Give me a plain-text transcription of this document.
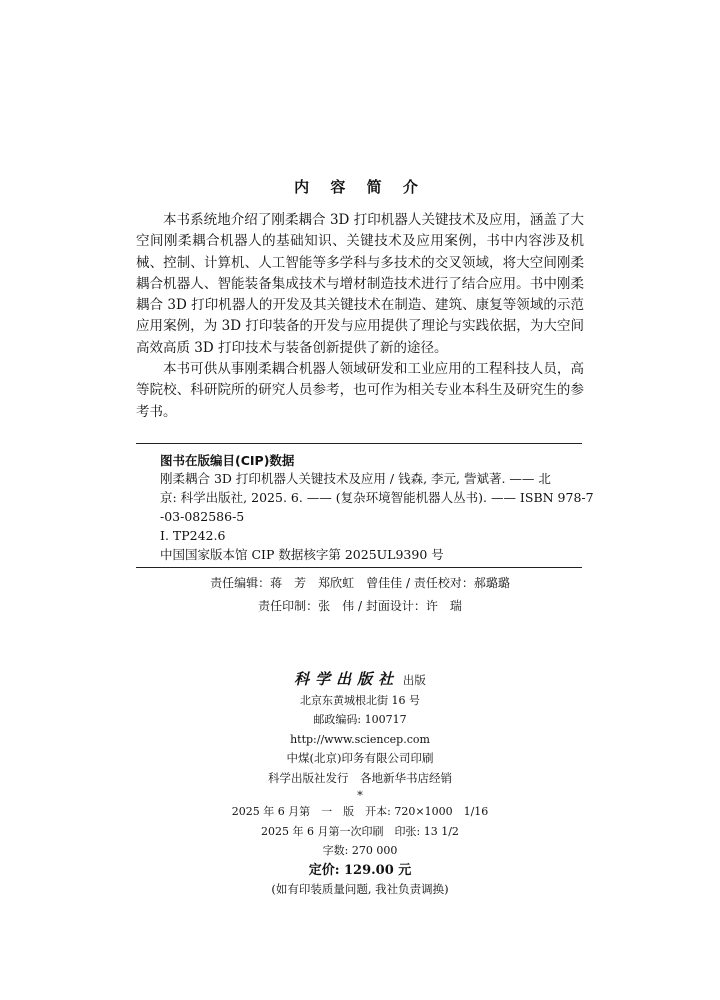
内 容 简 介

本书系统地介绍了刚柔耦合 3D 打印机器人关键技术及应用，涵盖了大空间刚柔耦合机器人的基础知识、关键技术及应用案例，书中内容涉及机械、控制、计算机、人工智能等多学科与多技术的交叉领域，将大空间刚柔耦合机器人、智能装备集成技术与增材制造技术进行了结合应用。书中刚柔耦合 3D 打印机器人的开发及其关键技术在制造、建筑、康复等领域的示范应用案例，为 3D 打印装备的开发与应用提供了理论与实践依据，为大空间高效高质 3D 打印技术与装备创新提供了新的途径。

本书可供从事刚柔耦合机器人领域研发和工业应用的工程科技人员，高等院校、科研院所的研究人员参考，也可作为相关专业本科生及研究生的参考书。

图书在版编目(CIP)数据
刚柔耦合 3D 打印机器人关键技术及应用 / 钱森, 李元, 訾斌著. —— 北
京: 科学出版社, 2025. 6. —— (复杂环境智能机器人丛书). —— ISBN 978-7
-03-082586-5
Ⅰ. TP242.6
中国国家版本馆 CIP 数据核字第 2025UL9390 号
责任编辑：蒋　芳　郑欣虹　曾佳佳 / 责任校对：郝璐璐
责任印制：张　伟 / 封面设计：许　瑞
科学出版社 出版
北京东黄城根北街 16 号
邮政编码: 100717
http://www.sciencep.com
中煤(北京)印务有限公司印刷
科学出版社发行　各地新华书店经销
*
2025 年 6 月第　一　版　开本: 720×1000　1/16
2025 年 6 月第一次印刷　印张: 13 1/2
字数: 270 000
定价: 129.00 元
(如有印装质量问题, 我社负责调换)
